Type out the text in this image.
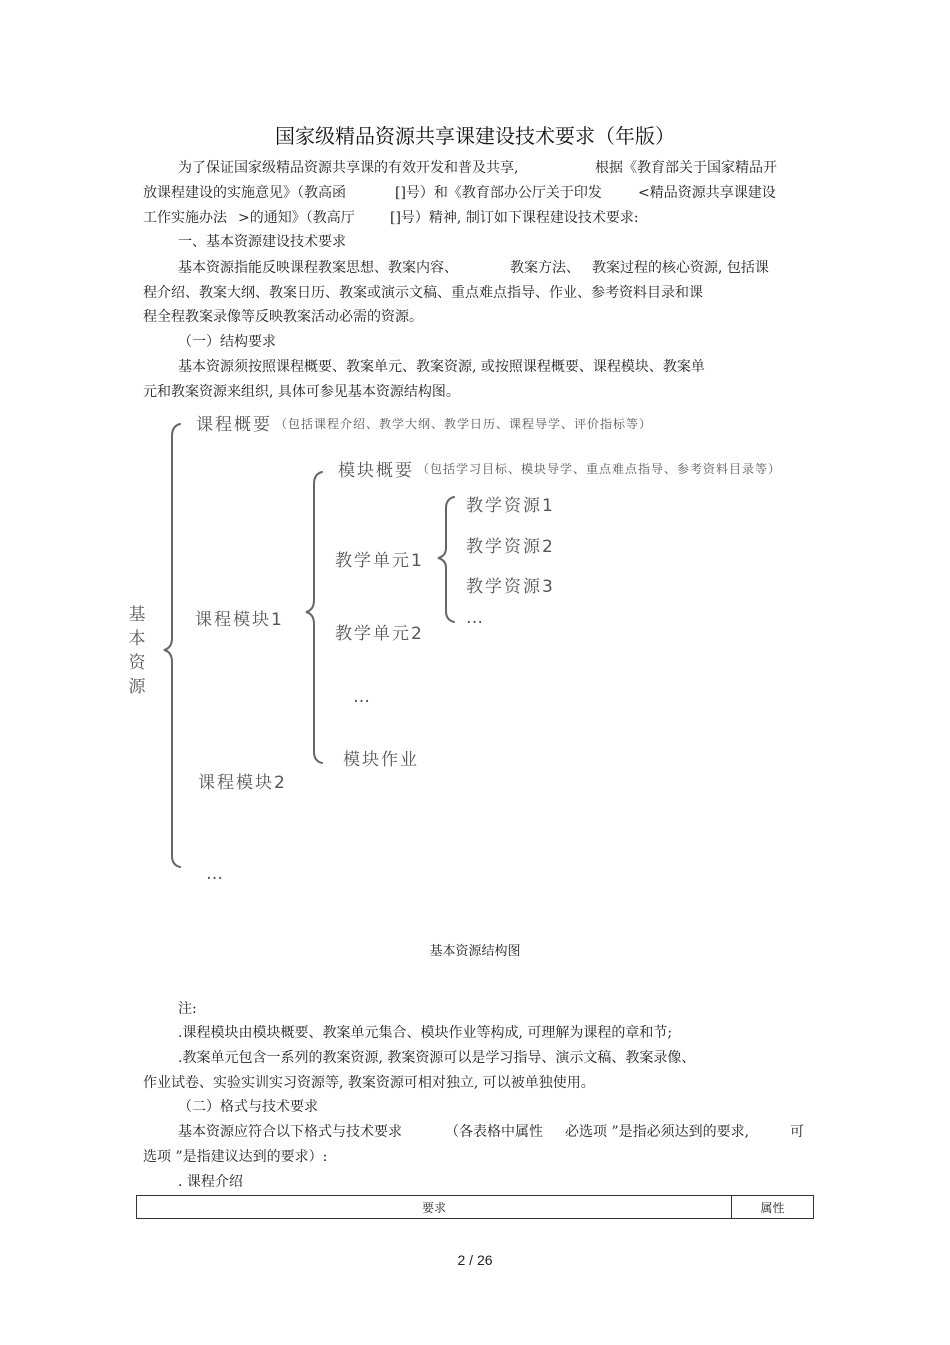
国家级精品资源共享课建设技术要求（年版）
为了保证国家级精品资源共享课的有效开发和普及共享,	根据《教育部关于国家精品开
放课程建设的实施意见》（教高函	[]号）和《教育部办公厅关于印发	<精品资源共享课建设
工作实施办法 >的通知》（教高厅	[]号）精神, 制订如下课程建设技术要求:
一、基本资源建设技术要求
基本资源指能反映课程教案思想、教案内容、	教案方法、 教案过程的核心资源, 包括课
程介绍、教案大纲、教案日历、教案或演示文稿、重点难点指导、作业、参考资料目录和课
程全程教案录像等反映教案活动必需的资源。
（一）结构要求
基本资源须按照课程概要、教案单元、教案资源, 或按照课程概要、课程模块、教案单
元和教案资源来组织, 具体可参见基本资源结构图。
基
本
资
源
课程概要 （包括课程介绍、教学大纲、教学日历、课程导学、评价指标等）
模块概要 （包括学习目标、模块导学、重点难点指导、参考资料目录等）
教学资源1
教学资源2
教学资源3
…
教学单元1
课程模块1
教学单元2
…
模块作业
课程模块2
…
基本资源结构图
注:
.课程模块由模块概要、教案单元集合、模块作业等构成, 可理解为课程的章和节;
.教案单元包含一系列的教案资源, 教案资源可以是学习指导、演示文稿、教案录像、
作业试卷、实验实训实习资源等, 教案资源可相对独立, 可以被单独使用。
（二）格式与技术要求
基本资源应符合以下格式与技术要求	（各表格中属性 必选项 ”是指必须达到的要求,	可
选项 ”是指建议达到的要求）:
. 课程介绍
要求	属性
2 / 26
